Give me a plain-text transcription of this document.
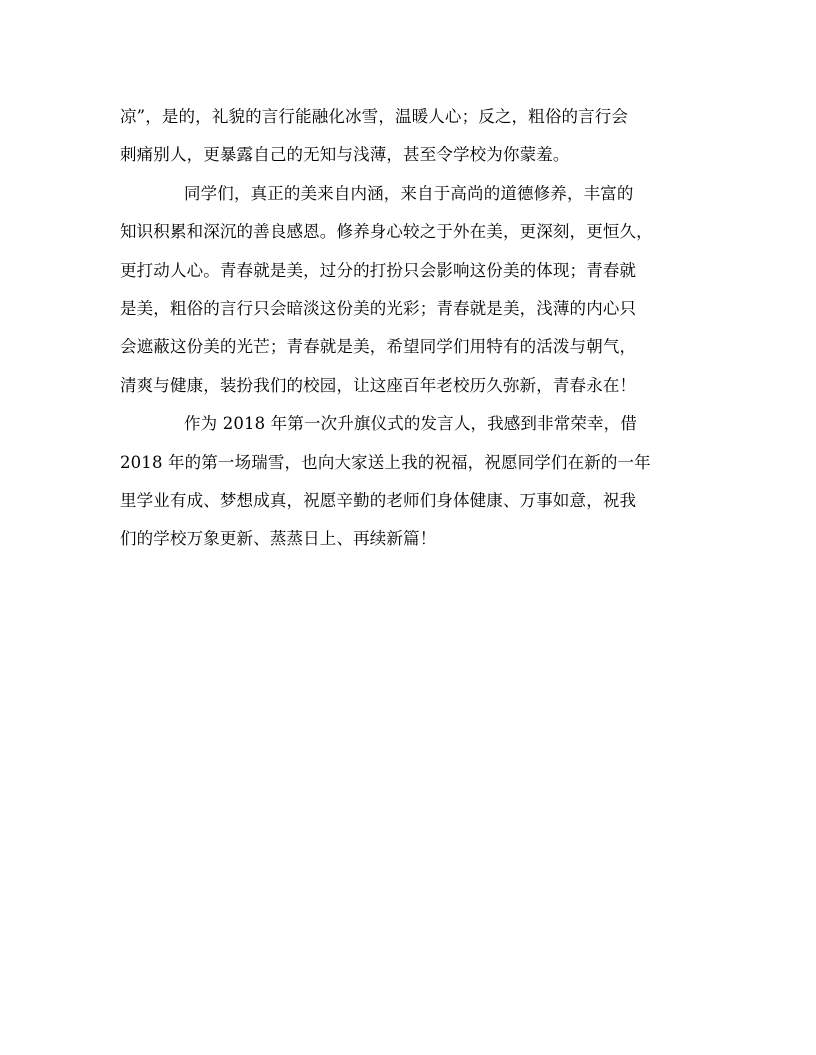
凉”，是的，礼貌的言行能融化冰雪，温暖人心；反之，粗俗的言行会
刺痛别人，更暴露自己的无知与浅薄，甚至令学校为你蒙羞。
同学们，真正的美来自内涵，来自于高尚的道德修养，丰富的
知识积累和深沉的善良感恩。修养身心较之于外在美，更深刻，更恒久，
更打动人心。青春就是美，过分的打扮只会影响这份美的体现；青春就
是美，粗俗的言行只会暗淡这份美的光彩；青春就是美，浅薄的内心只
会遮蔽这份美的光芒；青春就是美，希望同学们用特有的活泼与朝气，
清爽与健康，装扮我们的校园，让这座百年老校历久弥新，青春永在！
作为 2018 年第一次升旗仪式的发言人，我感到非常荣幸，借
2018 年的第一场瑞雪，也向大家送上我的祝福，祝愿同学们在新的一年
里学业有成、梦想成真，祝愿辛勤的老师们身体健康、万事如意，祝我
们的学校万象更新、蒸蒸日上、再续新篇！
